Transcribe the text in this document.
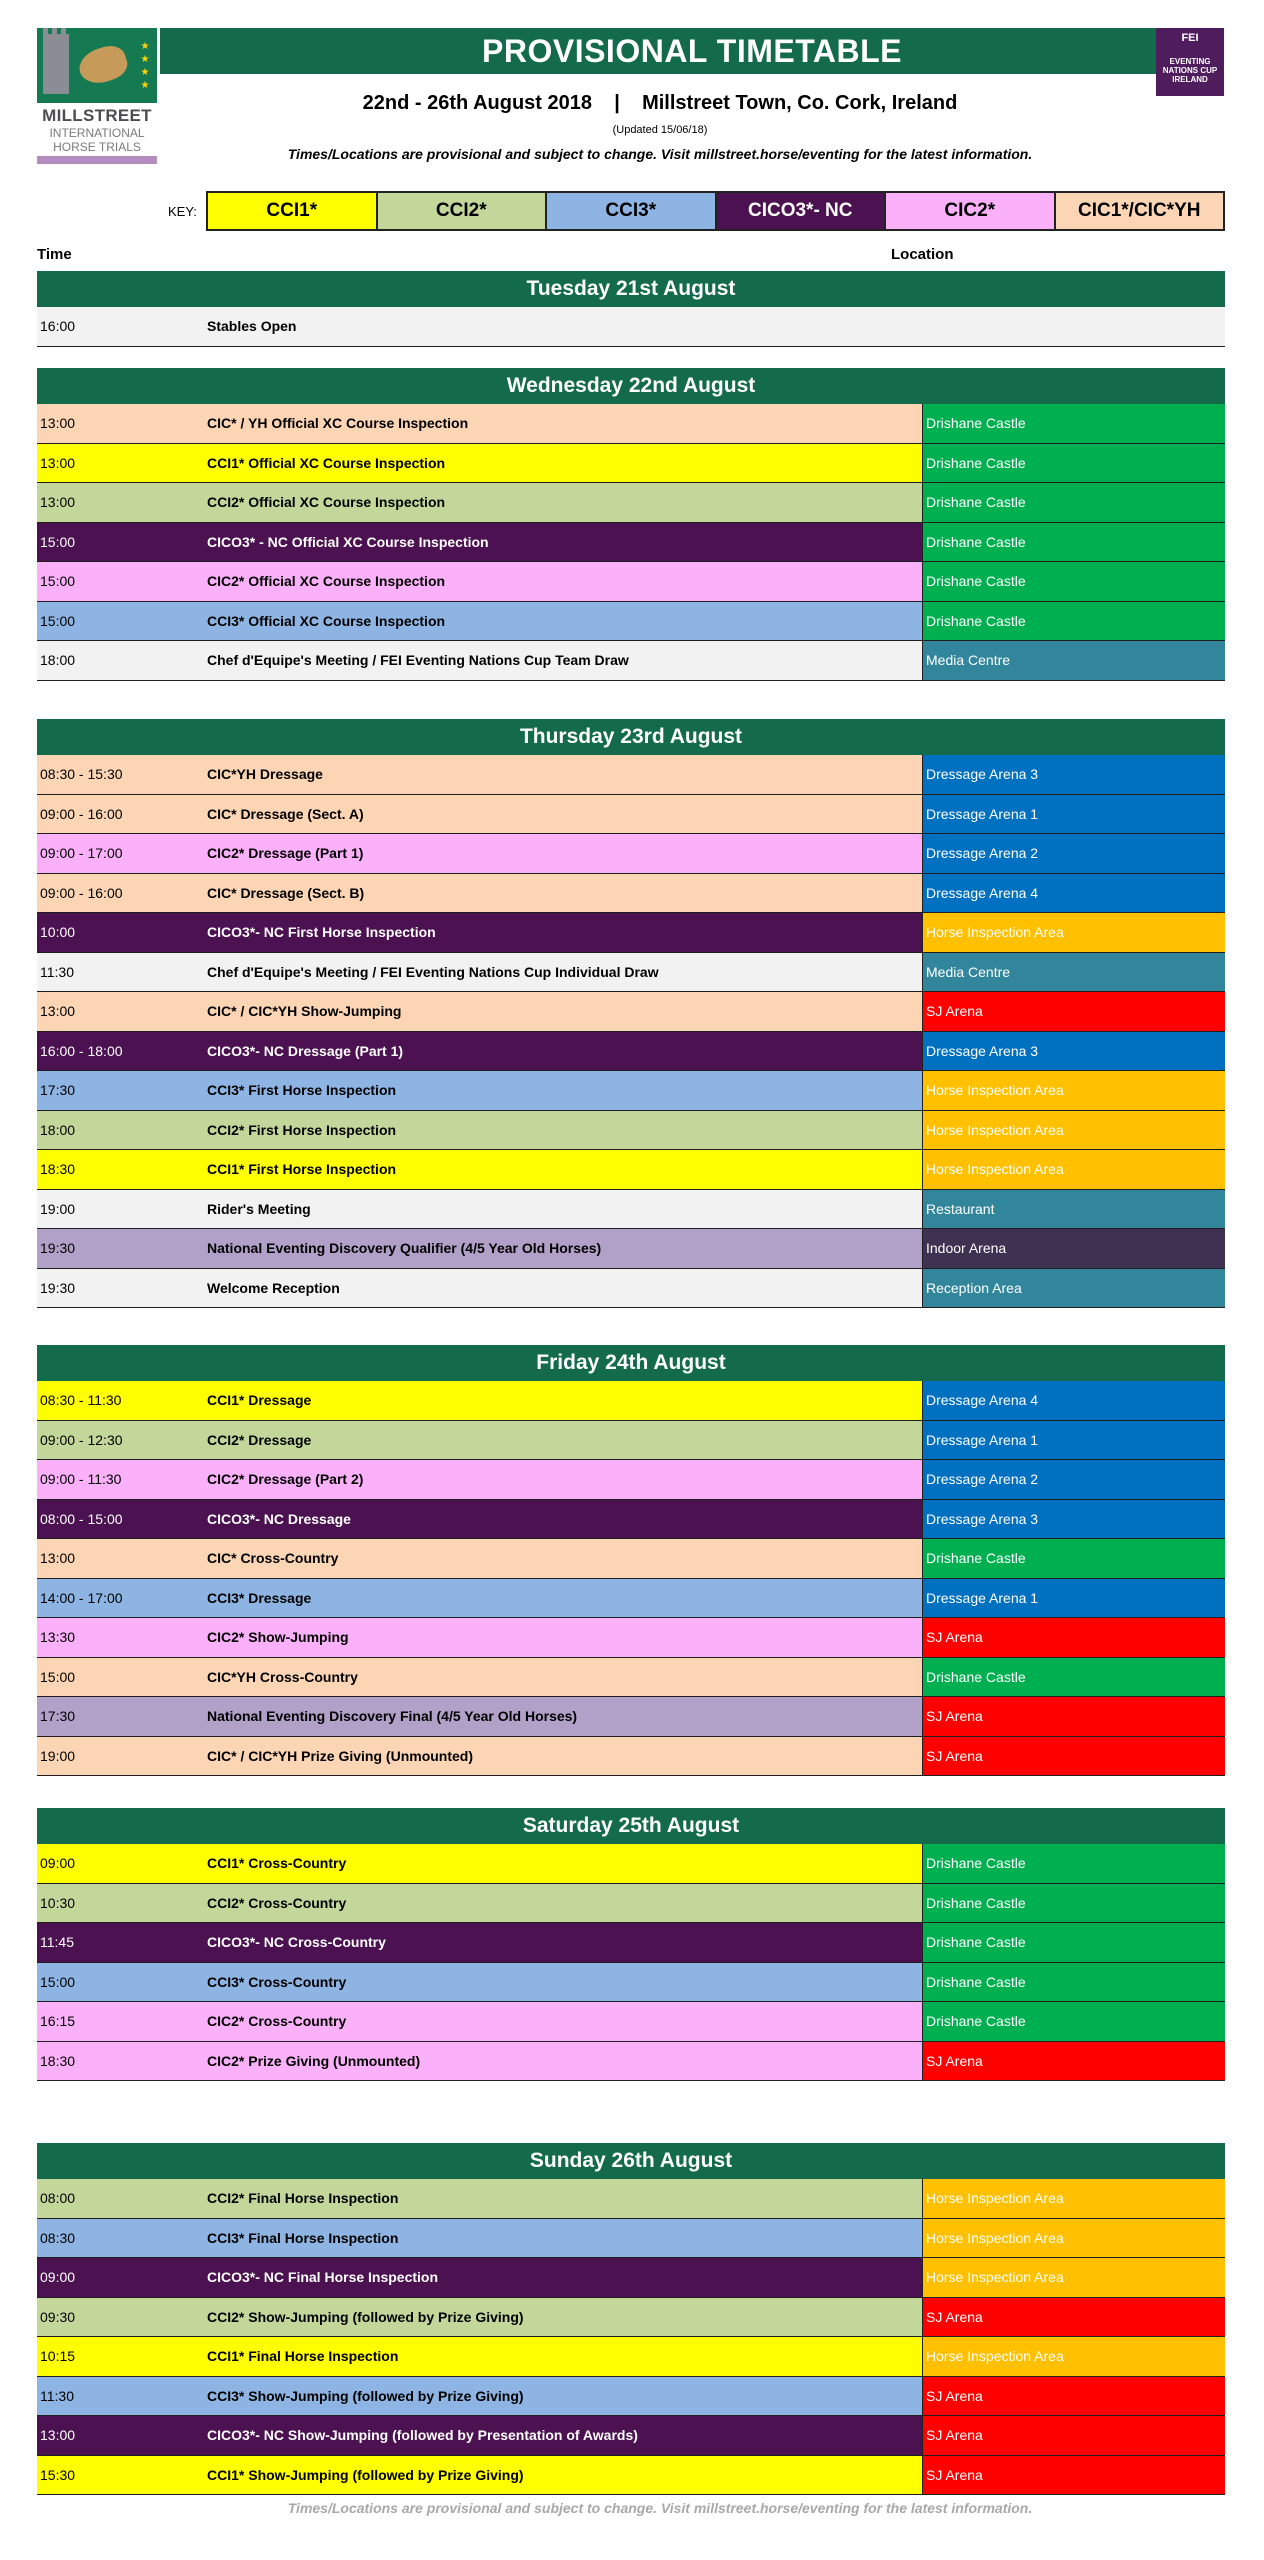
★
★
★
★
MILLSTREET
INTERNATIONAL HORSE TRIALS
PROVISIONAL TIMETABLE	FEI
EVENTING NATIONS CUP IRELAND
22nd - 26th August 2018 | Millstreet Town, Co. Cork, Ireland
(Updated 15/06/18)
Times/Locations are provisional and subject to change. Visit millstreet.horse/eventing for the latest information.
KEY:	CCI1*	CCI2*	CCI3*	CICO3*- NC	CIC2*	CIC1*/CIC*YH
Time	Location
Tuesday 21st August
16:00	Stables Open
Wednesday 22nd August
13:00	CIC* / YH Official XC Course Inspection	Drishane Castle
13:00	CCI1* Official XC Course Inspection	Drishane Castle
13:00	CCI2* Official XC Course Inspection	Drishane Castle
15:00	CICO3* - NC Official XC Course Inspection	Drishane Castle
15:00	CIC2* Official XC Course Inspection	Drishane Castle
15:00	CCI3* Official XC Course Inspection	Drishane Castle
18:00	Chef d'Equipe's Meeting / FEI Eventing Nations Cup Team Draw	Media Centre
Thursday 23rd August
08:30 - 15:30	CIC*YH Dressage	Dressage Arena 3
09:00 - 16:00	CIC* Dressage (Sect. A)	Dressage Arena 1
09:00 - 17:00	CIC2* Dressage (Part 1)	Dressage Arena 2
09:00 - 16:00	CIC* Dressage (Sect. B)	Dressage Arena 4
10:00	CICO3*- NC First Horse Inspection	Horse Inspection Area
11:30	Chef d'Equipe's Meeting / FEI Eventing Nations Cup Individual Draw	Media Centre
13:00	CIC* / CIC*YH Show-Jumping	SJ Arena
16:00 - 18:00	CICO3*- NC Dressage (Part 1)	Dressage Arena 3
17:30	CCI3* First Horse Inspection	Horse Inspection Area
18:00	CCI2* First Horse Inspection	Horse Inspection Area
18:30	CCI1* First Horse Inspection	Horse Inspection Area
19:00	Rider's Meeting	Restaurant
19:30	National Eventing Discovery Qualifier (4/5 Year Old Horses)	Indoor Arena
19:30	Welcome Reception	Reception Area
Friday 24th August
08:30 - 11:30	CCI1* Dressage	Dressage Arena 4
09:00 - 12:30	CCI2* Dressage	Dressage Arena 1
09:00 - 11:30	CIC2* Dressage (Part 2)	Dressage Arena 2
08:00 - 15:00	CICO3*- NC Dressage	Dressage Arena 3
13:00	CIC* Cross-Country	Drishane Castle
14:00 - 17:00	CCI3* Dressage	Dressage Arena 1
13:30	CIC2* Show-Jumping	SJ Arena
15:00	CIC*YH Cross-Country	Drishane Castle
17:30	National Eventing Discovery Final (4/5 Year Old Horses)	SJ Arena
19:00	CIC* / CIC*YH Prize Giving (Unmounted)	SJ Arena
Saturday 25th August
09:00	CCI1* Cross-Country	Drishane Castle
10:30	CCI2* Cross-Country	Drishane Castle
11:45	CICO3*- NC Cross-Country	Drishane Castle
15:00	CCI3* Cross-Country	Drishane Castle
16:15	CIC2* Cross-Country	Drishane Castle
18:30	CIC2* Prize Giving (Unmounted)	SJ Arena
Sunday 26th August
08:00	CCI2* Final Horse Inspection	Horse Inspection Area
08:30	CCI3* Final Horse Inspection	Horse Inspection Area
09:00	CICO3*- NC Final Horse Inspection	Horse Inspection Area
09:30	CCI2* Show-Jumping (followed by Prize Giving)	SJ Arena
10:15	CCI1* Final Horse Inspection	Horse Inspection Area
11:30	CCI3* Show-Jumping (followed by Prize Giving)	SJ Arena
13:00	CICO3*- NC Show-Jumping (followed by Presentation of Awards)	SJ Arena
15:30	CCI1* Show-Jumping (followed by Prize Giving)	SJ Arena
Times/Locations are provisional and subject to change. Visit millstreet.horse/eventing for the latest information.
